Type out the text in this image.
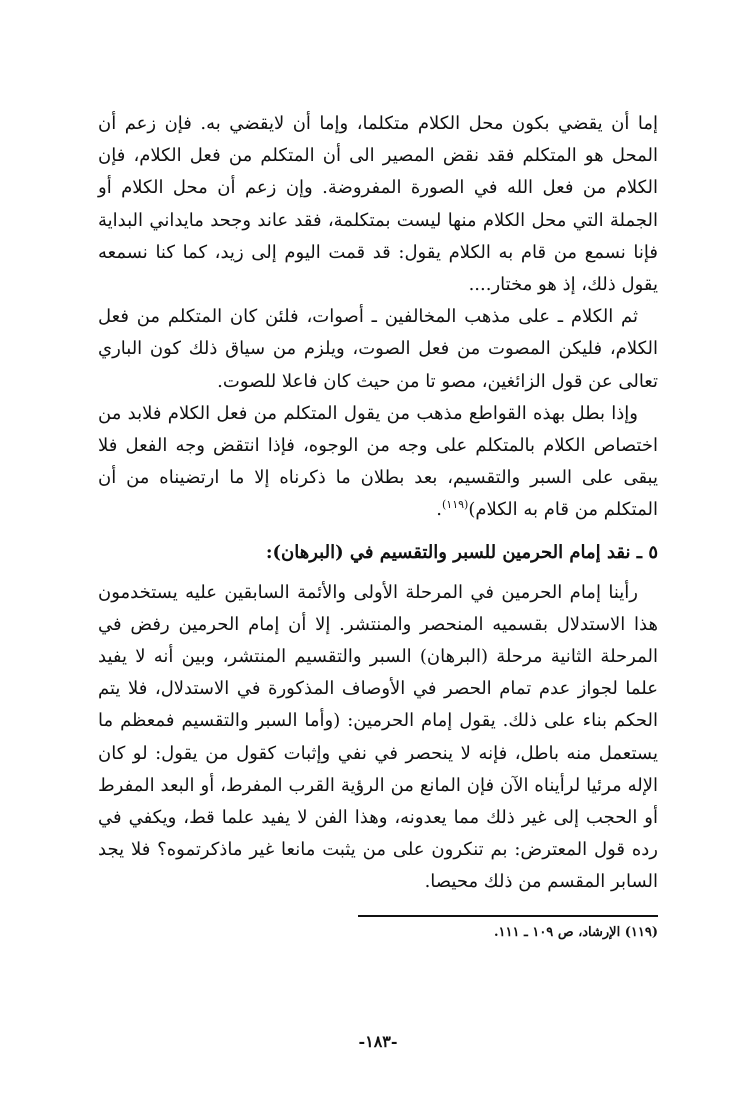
إما أن يقضي بكون محل الكلام متكلما، وإما أن لايقضي به. فإن زعم أن المحل هو المتكلم فقد نقض المصير الى أن المتكلم من فعل الكلام، فإن الكلام من فعل الله في الصورة المفروضة. وإن زعم أن محل الكلام أو الجملة التي محل الكلام منها ليست بمتكلمة، فقد عاند وجحد مايداني البداية فإنا نسمع من قام به الكلام يقول: قد قمت اليوم إلى زيد، كما كنا نسمعه يقول ذلك، إذ هو مختار....

ثم الكلام ـ على مذهب المخالفين ـ أصوات، فلئن كان المتكلم من فعل الكلام، فليكن المصوت من فعل الصوت، ويلزم من سياق ذلك كون الباري تعالى عن قول الزائغين، مصو تا من حيث كان فاعلا للصوت.

وإذا بطل بهذه القواطع مذهب من يقول المتكلم من فعل الكلام فلابد من اختصاص الكلام بالمتكلم على وجه من الوجوه، فإذا انتقض وجه الفعل فلا يبقى على السبر والتقسيم، بعد بطلان ما ذكرناه إلا ما ارتضيناه من أن المتكلم من قام به الكلام)$^{(١١٩)}$.

٥ ـ نقد إمام الحرمين للسبر والتقسيم في (البرهان):

رأينا إمام الحرمين في المرحلة الأولى والأئمة السابقين عليه يستخدمون هذا الاستدلال بقسميه المنحصر والمنتشر. إلا أن إمام الحرمين رفض في المرحلة الثانية مرحلة (البرهان) السبر والتقسيم المنتشر، وبين أنه لا يفيد علما لجواز عدم تمام الحصر في الأوصاف المذكورة في الاستدلال، فلا يتم الحكم بناء على ذلك. يقول إمام الحرمين: (وأما السبر والتقسيم فمعظم ما يستعمل منه باطل، فإنه لا ينحصر في نفي وإثبات كقول من يقول: لو كان الإله مرئيا لرأيناه الآن فإن المانع من الرؤية القرب المفرط، أو البعد المفرط أو الحجب إلى غير ذلك مما يعدونه، وهذا الفن لا يفيد علما قط، ويكفي في رده قول المعترض: بم تنكرون على من يثبت مانعا غير ماذكرتموه؟ فلا يجد السابر المقسم من ذلك محيصا.

(١١٩) الإرشاد، ص ١٠٩ ـ ١١١.
-١٨٣-
